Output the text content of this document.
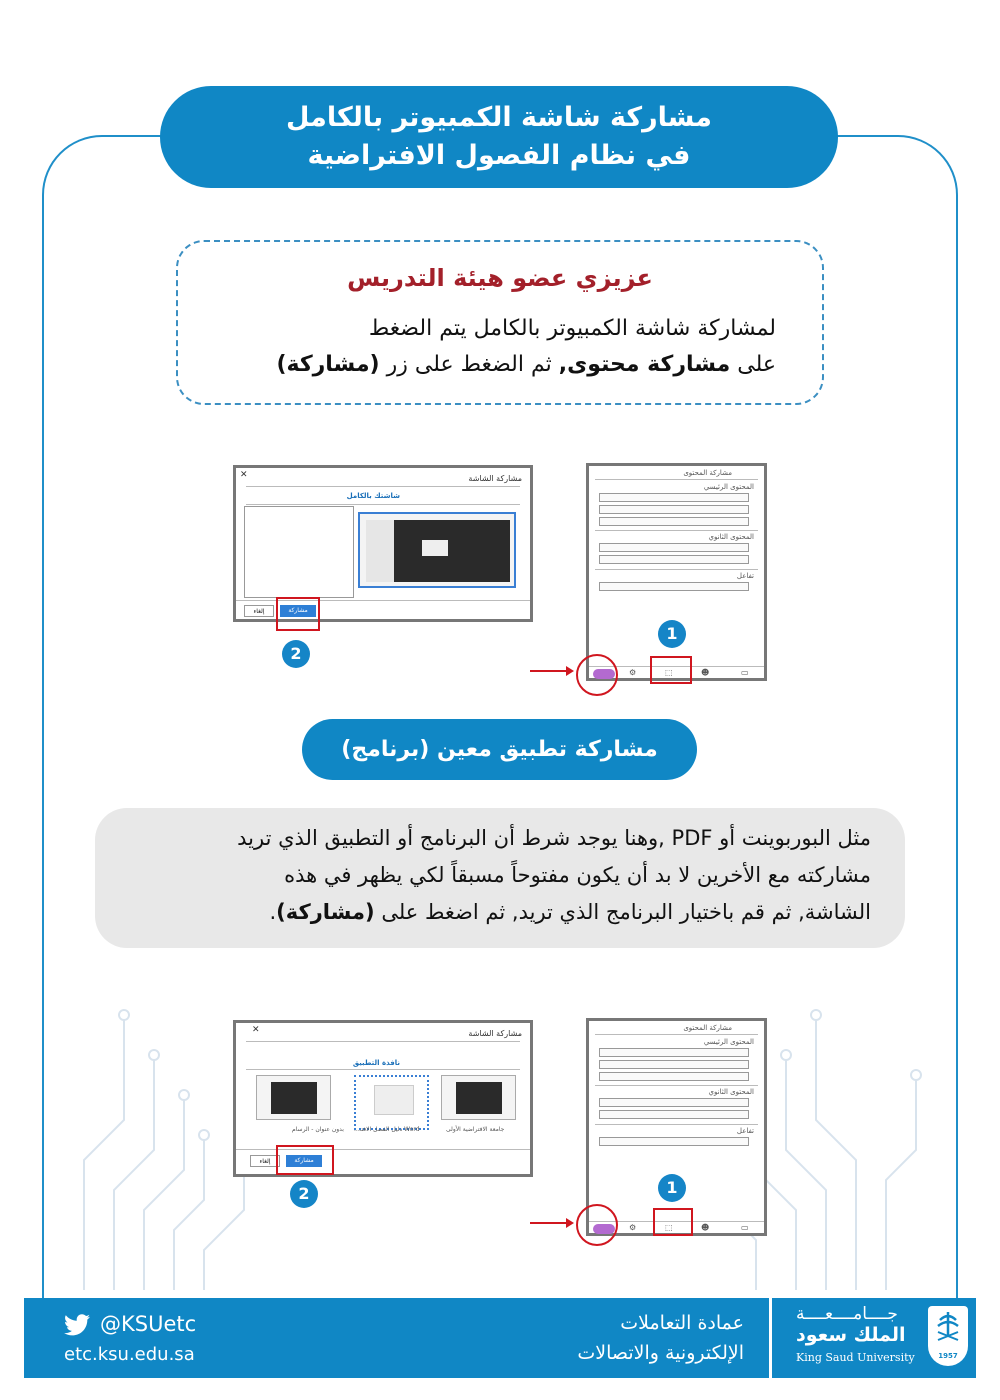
مشاركة شاشة الكمبيوتر بالكامل
في نظام الفصول الافتراضية
عزيزي عضو هيئة التدريس
لمشاركة شاشة الكمبيوتر بالكامل يتم الضغط
على مشاركة محتوى, ثم الضغط على زر (مشاركة)
✕	مشاركة الشاشة
شاشتك بالكامل
مشاركة
إلغاء
2
مشاركة المحتوى
المحتوى الرئيسي
المحتوى الثانوي
تفاعل
⚙	⬚	☻	▭
1
مشاركة تطبيق معين (برنامج)
مثل البوربوينت أو PDF ,وهنا يوجد شرط أن البرنامج أو التطبيق الذي تريد
مشاركته مع الأخرين لا بد أن يكون مفتوحاً مسبقاً لكي يظهر في هذه
الشاشة, ثم قم باختيار البرنامج الذي تريد, ثم اضغط على (مشاركة).
✕	مشاركة الشاشة
نافذة التطبيق
بدون عنوان - الرسام Word دليل الفصل الافتـ...	جامعة الافتراضية الأولى
مشاركة
إلغاء
2
مشاركة المحتوى
المحتوى الرئيسي
المحتوى الثانوي
تفاعل
⚙	⬚	☻	▭
1
@KSUetc
etc.ksu.edu.sa
عمادة التعاملات
الإلكترونية والاتصالات
جــــامــــعــــة
الملك سعود
King Saud University	1957
